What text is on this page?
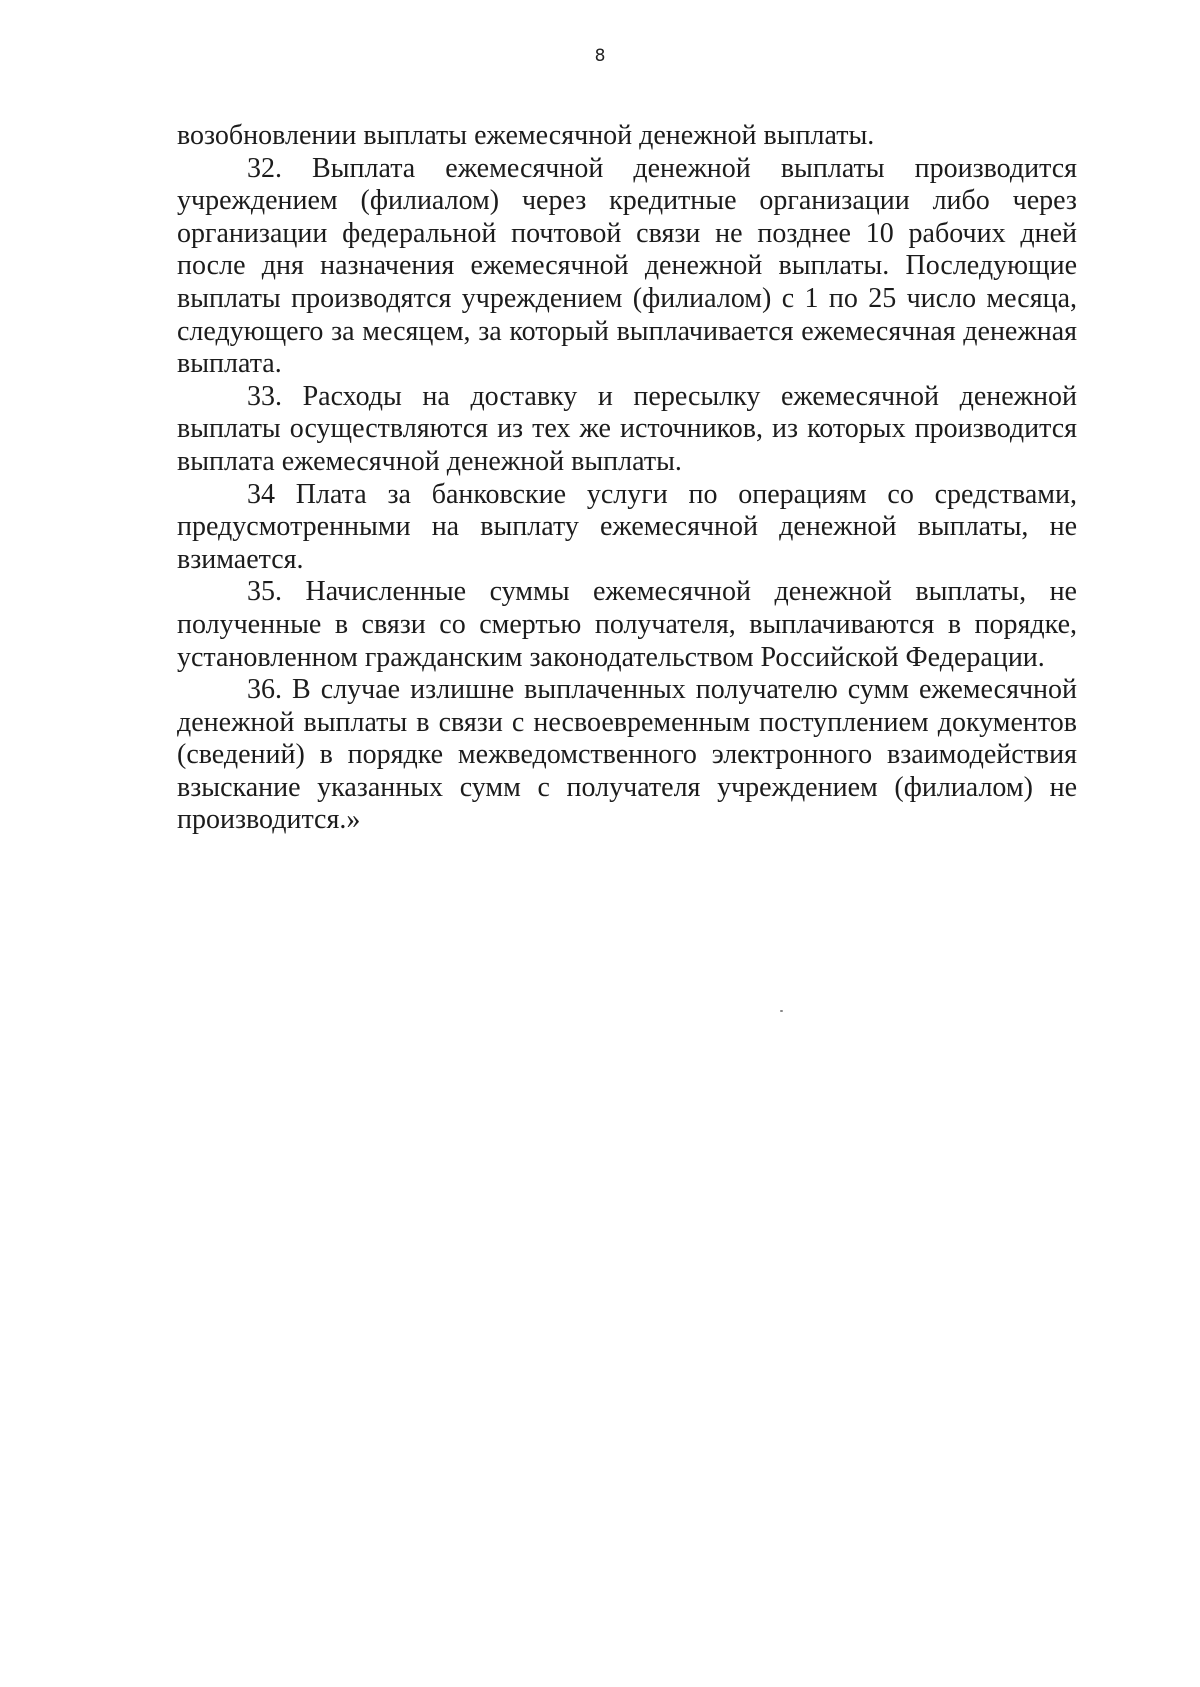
8

возобновлении выплаты ежемесячной денежной выплаты.

32. Выплата ежемесячной денежной выплаты производится учреждением (филиалом) через кредитные организации либо через организации федеральной почтовой связи не позднее 10 рабочих дней после дня назначения ежемесячной денежной выплаты. Последующие выплаты производятся учреждением (филиалом) с 1 по 25 число месяца, следующего за месяцем, за который выплачивается ежемесячная денежная выплата.

33. Расходы на доставку и пересылку ежемесячной денежной выплаты осуществляются из тех же источников, из которых производится выплата ежемесячной денежной выплаты.

34 Плата за банковские услуги по операциям со средствами, предусмотренными на выплату ежемесячной денежной выплаты, не взимается.

35. Начисленные суммы ежемесячной денежной выплаты, не полученные в связи со смертью получателя, выплачиваются в порядке, установленном гражданским законодательством Российской Федерации.

36. В случае излишне выплаченных получателю сумм ежемесячной денежной выплаты в связи с несвоевременным поступлением документов (сведений) в порядке межведомственного электронного взаимодействия взыскание указанных сумм с получателя учреждением (филиалом) не производится.»
